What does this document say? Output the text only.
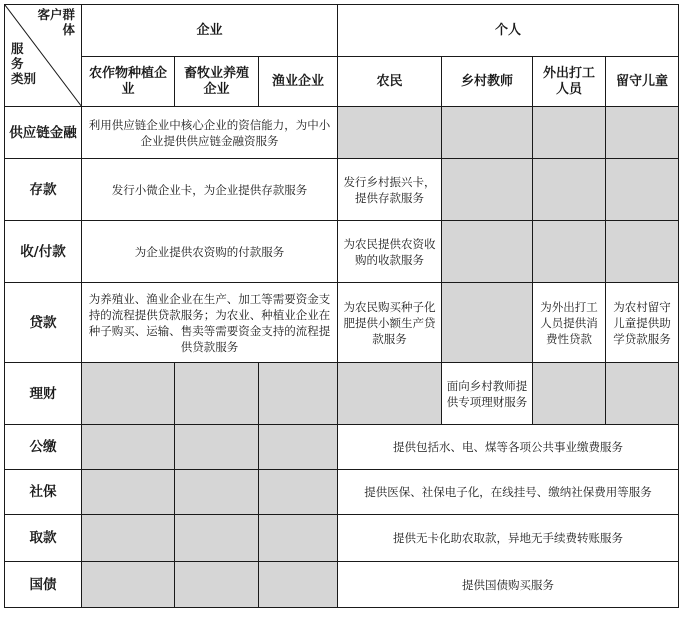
客户群
体
服
务
类别	企业			个人			
	农作物种植企业	畜牧业养殖企业	渔业企业	农民	乡村教师	外出打工人员	留守儿童
供应链金融	利用供应链企业中核心企业的资信能力，为中小企业提供供应链金融资服务						
存款	发行小微企业卡，为企业提供存款服务			发行乡村振兴卡，提供存款服务			
收/付款	为企业提供农资购的付款服务			为农民提供农资收购的收款服务			
贷款	为养殖业、渔业企业在生产、加工等需要资金支持的流程提供贷款服务；为农业、种植业企业在种子购买、运输、售卖等需要资金支持的流程提供贷款服务			为农民购买种子化肥提供小额生产贷款服务		为外出打工人员提供消费性贷款	为农村留守儿童提供助学贷款服务
理财					面向乡村教师提供专项理财服务		
公缴				提供包括水、电、煤等各项公共事业缴费服务			
社保				提供医保、社保电子化，在线挂号、缴纳社保费用等服务			
取款				提供无卡化助农取款，异地无手续费转账服务			
国债				提供国债购买服务			
